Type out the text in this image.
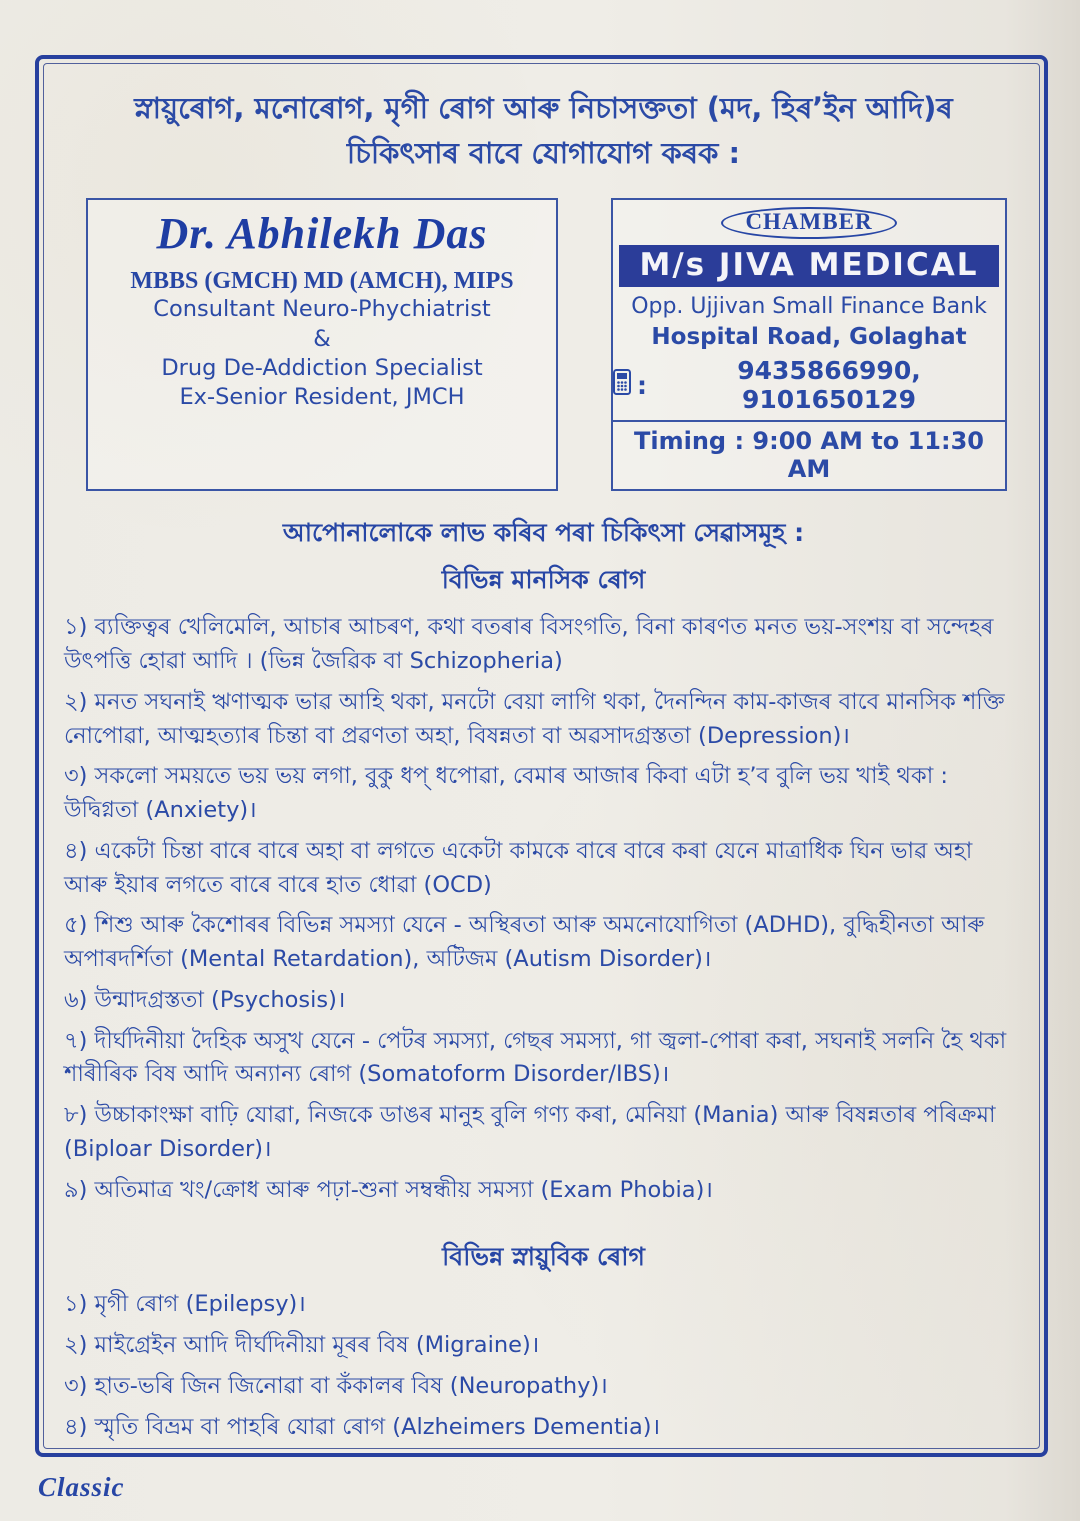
স্নায়ুৰোগ, মনোৰোগ, মৃগী ৰোগ আৰু নিচাসক্ততা (মদ, হিৰ’ইন আদি)ৰ
চিকিৎসাৰ বাবে যোগাযোগ কৰক :
Dr. Abhilekh Das
MBBS (GMCH) MD (AMCH), MIPS
Consultant Neuro-Phychiatrist
&
Drug De-Addiction Specialist
Ex-Senior Resident, JMCH
CHAMBER
M/s JIVA MEDICAL
Opp. Ujjivan Small Finance Bank
Hospital Road, Golaghat
:	9435866990, 9101650129
Timing : 9:00 AM to 11:30 AM
আপোনালোকে লাভ কৰিব পৰা চিকিৎসা সেৱাসমূহ :
বিভিন্ন মানসিক ৰোগ
১) ব্যক্তিত্বৰ খেলিমেলি, আচাৰ আচৰণ, কথা বতৰাৰ বিসংগতি, বিনা কাৰণত মনত ভয়-সংশয় বা সন্দেহৰ উৎপত্তি হোৱা আদি । (ভিন্ন জৈৱিক বা Schizopheria)
২) মনত সঘনাই ঋণাত্মক ভাৱ আহি থকা, মনটো বেয়া লাগি থকা, দৈনন্দিন কাম-কাজৰ বাবে মানসিক শক্তি নোপোৱা, আত্মহত্যাৰ চিন্তা বা প্ৰৱণতা অহা, বিষন্নতা বা অৱসাদগ্ৰস্ততা (Depression)।
৩) সকলো সময়তে ভয় ভয় লগা, বুকু ধপ্ ধপোৱা, বেমাৰ আজাৰ কিবা এটা হ’ব বুলি ভয় খাই থকা : উদ্বিগ্নতা (Anxiety)।
৪) একেটা চিন্তা বাৰে বাৰে অহা বা লগতে একেটা কামকে বাৰে বাৰে কৰা যেনে মাত্ৰাধিক ঘিন ভাৱ অহা আৰু ইয়াৰ লগতে বাৰে বাৰে হাত ধোৱা (OCD)
৫) শিশু আৰু কৈশোৰৰ বিভিন্ন সমস্যা যেনে - অস্থিৰতা আৰু অমনোযোগিতা (ADHD), বুদ্ধিহীনতা আৰু অপাৰদৰ্শিতা (Mental Retardation), অটিজম (Autism Disorder)।
৬) উন্মাদগ্ৰস্ততা (Psychosis)।
৭) দীৰ্ঘদিনীয়া দৈহিক অসুখ যেনে - পেটৰ সমস্যা, গেছৰ সমস্যা, গা জ্বলা-পোৰা কৰা, সঘনাই সলনি হৈ থকা শাৰীৰিক বিষ আদি অন্যান্য ৰোগ (Somatoform Disorder/IBS)।
৮) উচ্চাকাংক্ষা বাঢ়ি যোৱা, নিজকে ডাঙৰ মানুহ বুলি গণ্য কৰা, মেনিয়া (Mania) আৰু বিষন্নতাৰ পৰিক্ৰমা (Biploar Disorder)।
৯) অতিমাত্ৰ খং/ক্ৰোধ আৰু পঢ়া-শুনা সম্বন্ধীয় সমস্যা (Exam Phobia)।
বিভিন্ন স্নায়ুবিক ৰোগ
১) মৃগী ৰোগ (Epilepsy)।
২) মাইগ্ৰেইন আদি দীৰ্ঘদিনীয়া মূৰৰ বিষ (Migraine)।
৩) হাত-ভৰি জিন জিনোৱা বা কঁকালৰ বিষ (Neuropathy)।
৪) স্মৃতি বিভ্ৰম বা পাহৰি যোৱা ৰোগ (Alzheimers Dementia)।
Classic
